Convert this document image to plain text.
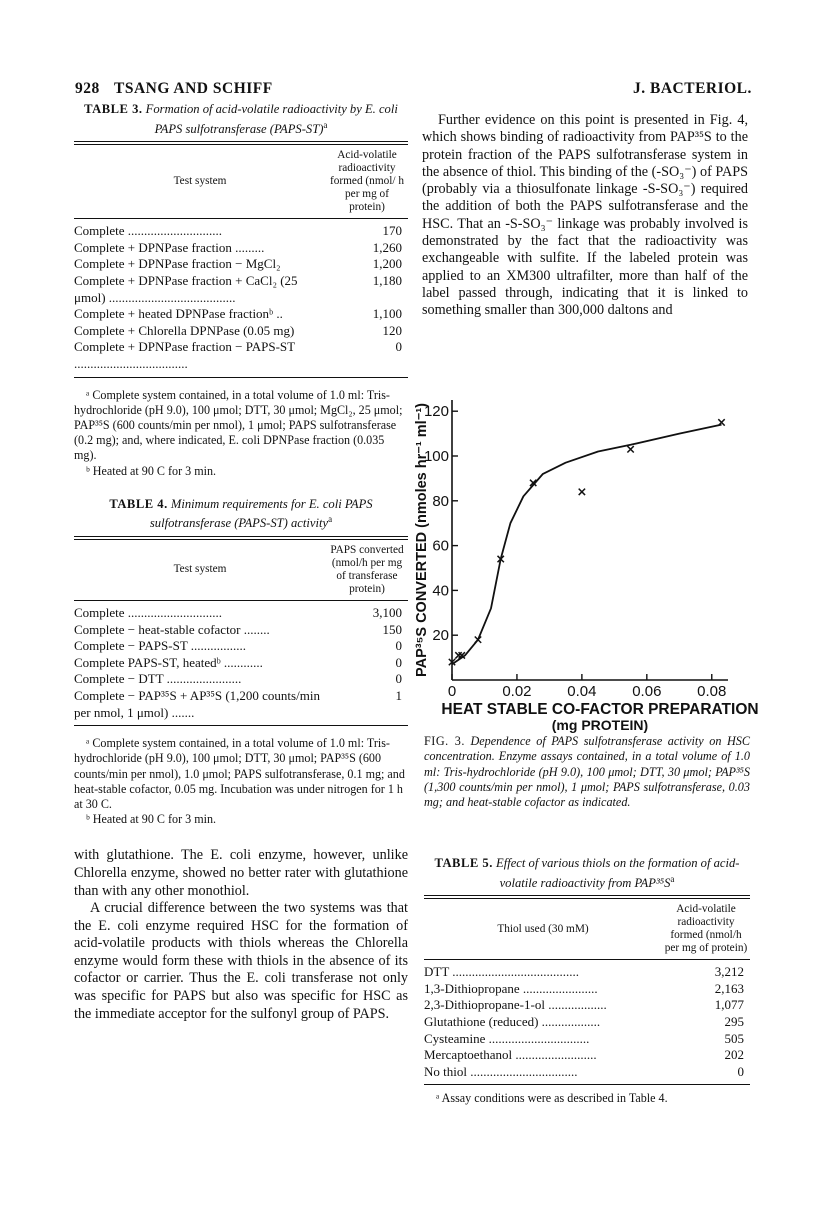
928 TSANG AND SCHIFF	J. BACTERIOL.
TABLE 3. Formation of acid-volatile radioactivity by E. coli PAPS sulfotransferase (PAPS-ST)$^a$
Test system	Acid-volatile radioactivity formed (nmol/ h per mg of protein)
Complete .............................	170
Complete + DPNPase fraction .........	1,260
Complete + DPNPase fraction − MgCl₂	1,200
Complete + DPNPase fraction + CaCl₂ (25 μmol) .......................................	1,180
Complete + heated DPNPase fractionᵇ ..	1,100
Complete + Chlorella DPNPase (0.05 mg)	120
Complete + DPNPase fraction − PAPS-ST ...................................	0

ᵃ Complete system contained, in a total volume of 1.0 ml: Tris-hydrochloride (pH 9.0), 100 μmol; DTT, 30 μmol; MgCl₂, 25 μmol; PAP³⁵S (600 counts/min per nmol), 1 μmol; PAPS sulfotransferase (0.2 mg); and, where indicated, E. coli DPNPase fraction (0.035 mg).

ᵇ Heated at 90 C for 3 min.

TABLE 4. Minimum requirements for E. coli PAPS sulfotransferase (PAPS-ST) activity$^a$
Test system	PAPS converted (nmol/h per mg of transferase protein)
Complete .............................	3,100
Complete − heat-stable cofactor ........	150
Complete − PAPS-ST .................	0
Complete PAPS-ST, heatedᵇ ............	0
Complete − DTT .......................	0
Complete − PAP³⁵S + AP³⁵S (1,200 counts/min per nmol, 1 μmol) .......	1

ᵃ Complete system contained, in a total volume of 1.0 ml: Tris-hydrochloride (pH 9.0), 100 μmol; DTT, 30 μmol; PAP³⁵S (600 counts/min per nmol), 1.0 μmol; PAPS sulfotransferase, 0.1 mg; and heat-stable cofactor, 0.05 mg. Incubation was under nitrogen for 1 h at 30 C.

ᵇ Heated at 90 C for 3 min.

with glutathione. The E. coli enzyme, however, unlike Chlorella enzyme, showed no better rater with glutathione than with any other monothiol.

A crucial difference between the two systems was that the E. coli enzyme required HSC for the formation of acid-volatile products with thiols whereas the Chlorella enzyme would form these with thiols in the absence of its cofactor or carrier. Thus the E. coli transferase not only was specific for PAPS but also was specific for HSC as the immediate acceptor for the sulfonyl group of PAPS.

Further evidence on this point is presented in Fig. 4, which shows binding of radioactivity from PAP³⁵S to the protein fraction of the PAPS sulfotransferase system in the absence of thiol. This binding of the (-SO₃⁻) of PAPS (probably via a thiosulfonate linkage -S-SO₃⁻) required the addition of both the PAPS sulfotransferase and the HSC. That an -S-SO₃⁻ linkage was probably involved is demonstrated by the fact that the radioactivity was exchangeable with sulfite. If the labeled protein was applied to an XM300 ultrafilter, more than half of the label passed through, indicating that it is linked to something smaller than 300,000 daltons and

0	0.02 0.04 0.06 0.08
20
40
60
80
100
120
HEAT STABLE CO-FACTOR PREPARATION
(mg PROTEIN)
PAP³⁵S CONVERTED (nmoles hr⁻¹ ml⁻¹)
FIG. 3. Dependence of PAPS sulfotransferase activity on HSC concentration. Enzyme assays contained, in a total volume of 1.0 ml: Tris-hydrochloride (pH 9.0), 100 μmol; DTT, 30 μmol; PAP³⁵S (1,300 counts/min per nmol), 1 μmol; PAPS sulfotransferase, 0.03 mg; and heat-stable cofactor as indicated.
TABLE 5. Effect of various thiols on the formation of acid-volatile radioactivity from $PAP^{35}S^a$
Thiol used (30 mM)	Acid-volatile radioactivity formed (nmol/h per mg of protein)
DTT .......................................	3,212
1,3-Dithiopropane .......................	2,163
2,3-Dithiopropane-1-ol ..................	1,077
Glutathione (reduced) ..................	295
Cysteamine ...............................	505
Mercaptoethanol .........................	202
No thiol .................................	0

ᵃ Assay conditions were as described in Table 4.
